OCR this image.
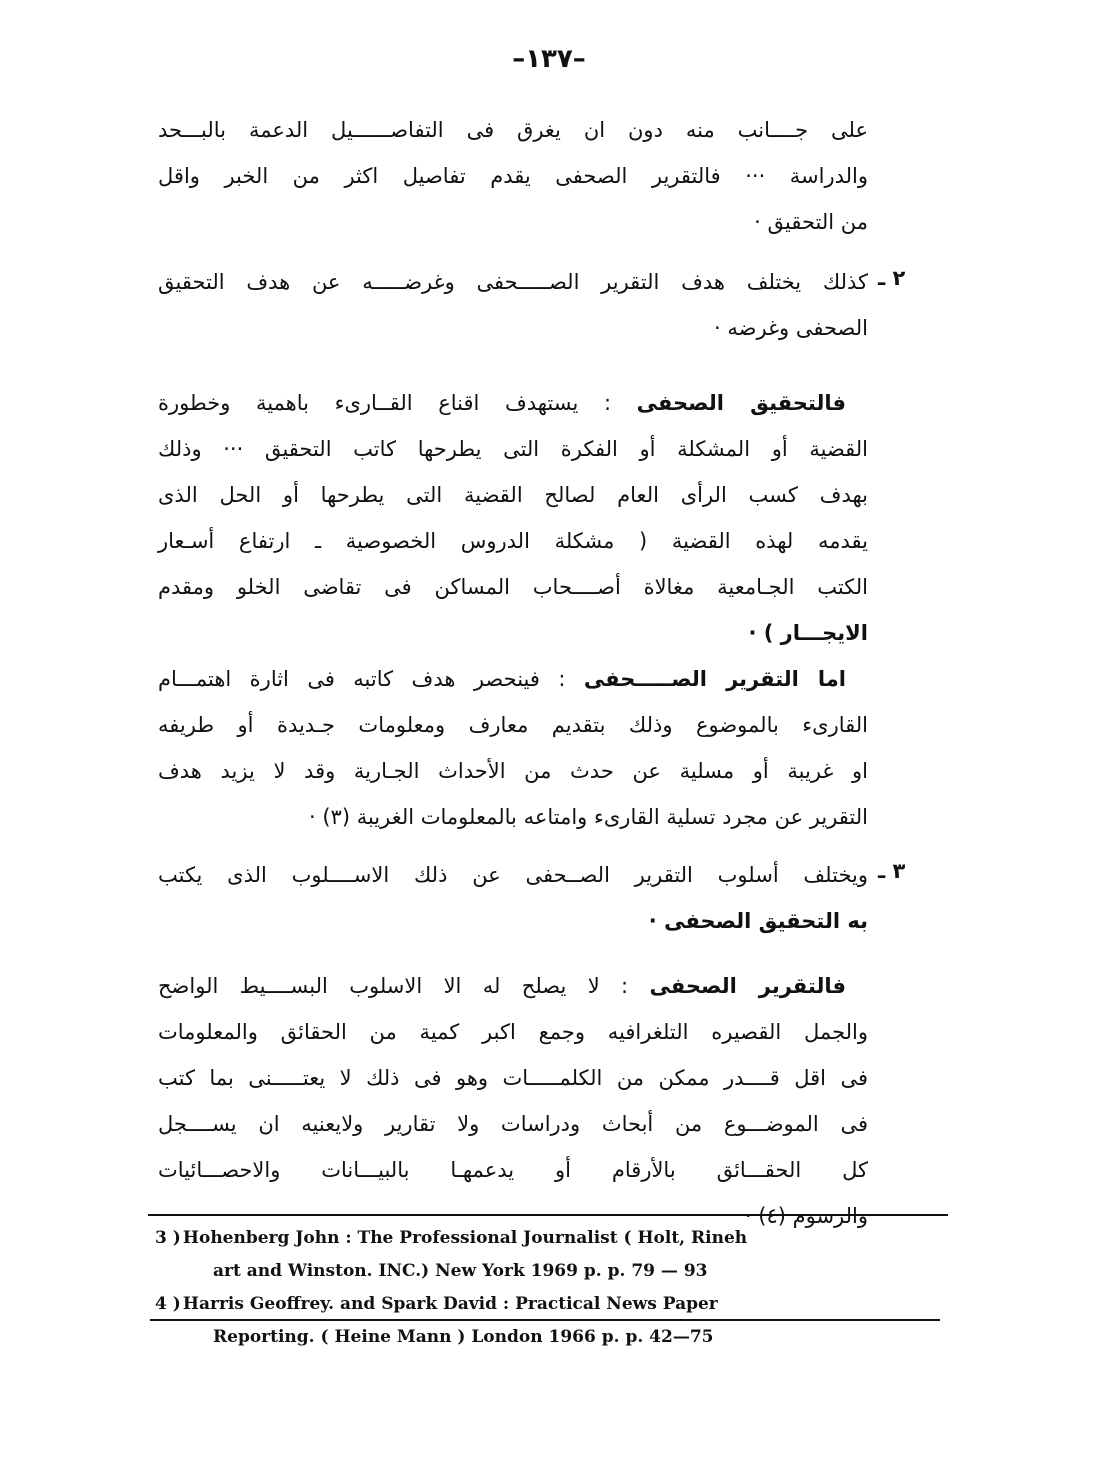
–١٣٧–
على جــــانب منه دون ان يغرق فى التفاصــــــيل الدعمة بالبـــحد
والدراسة ··· فالتقرير الصحفى يقدم تفاصيل اكثر من الخبر واقل
من التحقيق ·
٢ ـ
كذلك يختلف هدف التقرير الصـــــحفى وغرضـــــه عن هدف التحقيق
الصحفى وغرضه ·
فالتحقيق الصحفى : يستهدف اقناع القــارىء باهمية وخطورة
القضية أو المشكلة أو الفكرة التى يطرحها كاتب التحقيق ··· وذلك
بهدف كسب الرأى العام لصالح القضية التى يطرحها أو الحل الذى
يقدمه لهذه القضية ( مشكلة الدروس الخصوصية ـ ارتفاع أسـعار
الكتب الجـامعية مغالاة أصــــحاب المساكن فى تقاضى الخلو ومقدم
الايجـــار ) ·
اما التقرير الصـــــحفى : فينحصر هدف كاتبه فى اثارة اهتمـــام
القارىء بالموضوع وذلك بتقديم معارف ومعلومات جـديدة أو طريفه
او غريبة أو مسلية عن حدث من الأحداث الجـارية وقد لا يزيد هدف
التقرير عن مجرد تسلية القارىء وامتاعه بالمعلومات الغريبة (٣) ·
٣ ـ
ويختلف أسلوب التقرير الصــحفى عن ذلك الاســــلوب الذى يكتب
به التحقيق الصحفى ·
فالتقرير الصحفى : لا يصلح له الا الاسلوب البســــيط الواضح
والجمل القصيره التلغرافيه وجمع اكبر كمية من الحقائق والمعلومات
فى اقل قــــدر ممكن من الكلمـــــات وهو فى ذلك لا يعتـــــنى بما كتب
فى الموضـــوع من أبحاث ودراسات ولا تقارير ولايعنيه ان يســــجل
كل الحقـــائق بالأرقام أو يدعمهـا بالبيـــانات والاحصـــائيات
والرسوم (٤) ·
3 ) Hohenberg John : The Professional Journalist ( Holt, Rineh
art and Winston. INC.) New York 1969 p. p. 79 — 93
4 ) Harris Geoffrey. and Spark David : Practical News Paper
Reporting. ( Heine Mann ) London 1966 p. p. 42—75
